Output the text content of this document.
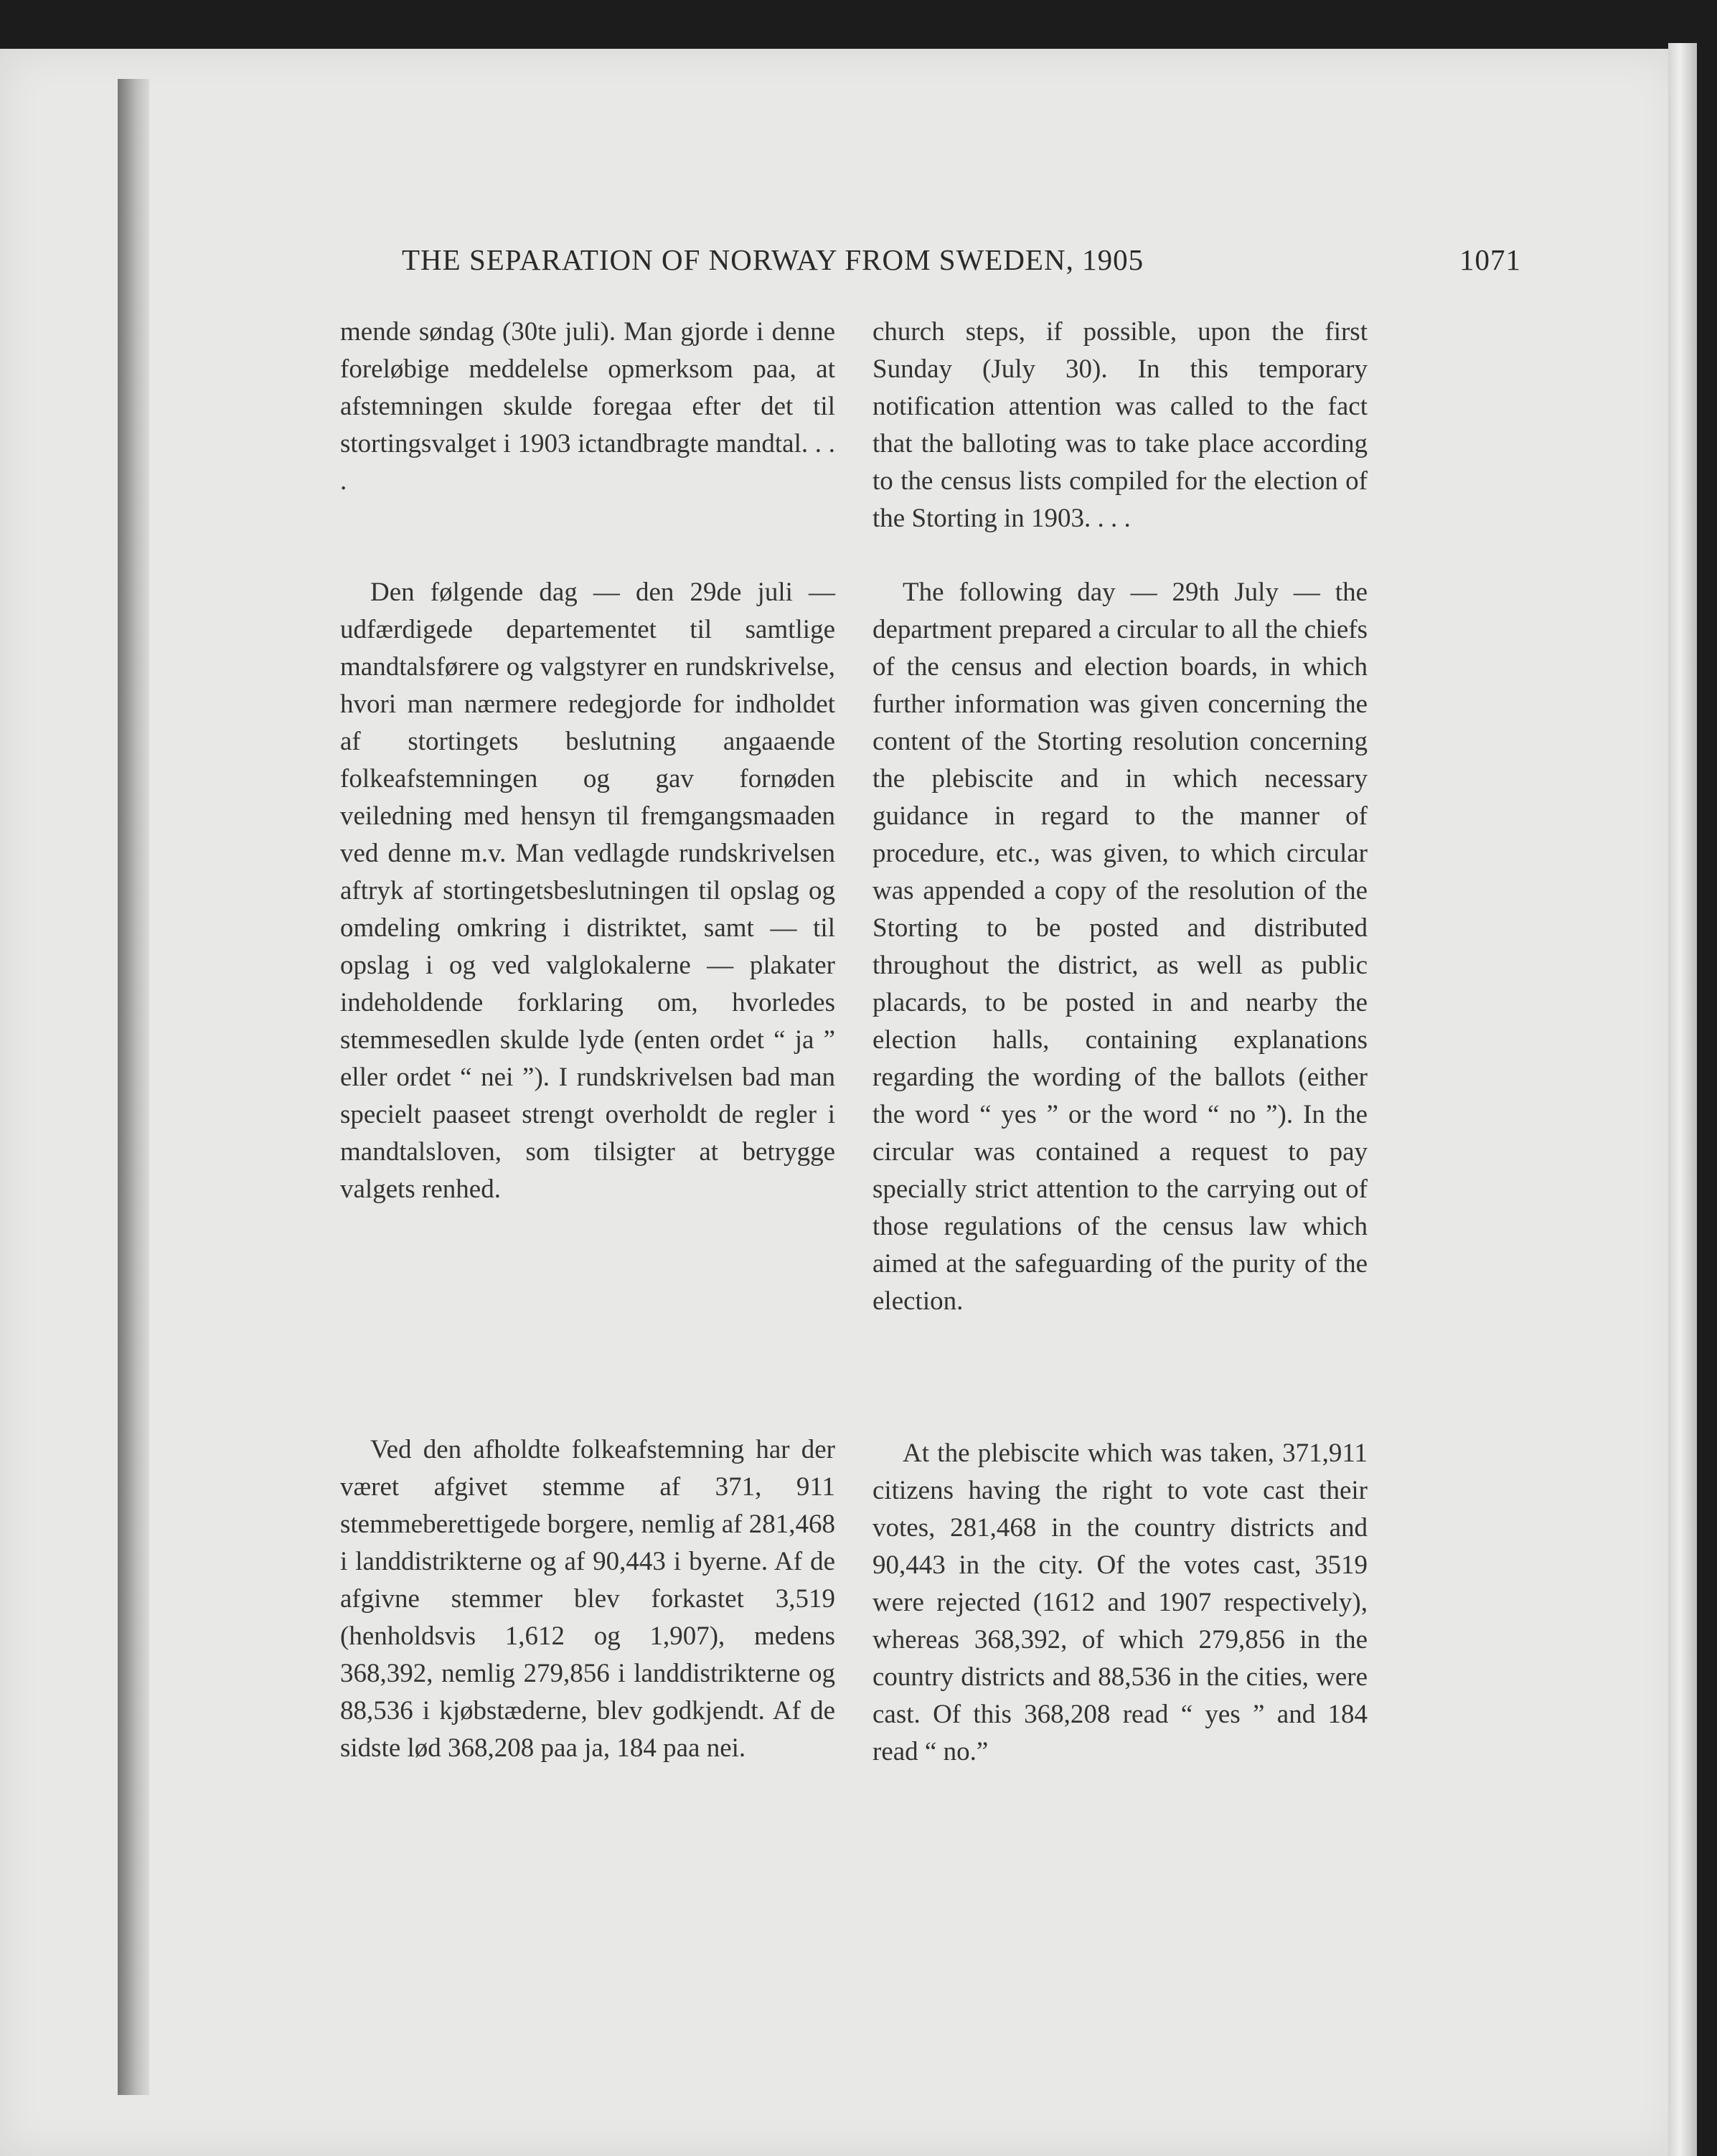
THE SEPARATION OF NORWAY FROM SWEDEN, 1905	1071

mende søndag (30te juli). Man gjorde i denne foreløbige meddelelse opmerksom paa, at afstemningen skulde foregaa efter det til stortingsvalget i 1903 ictandbragte mandtal. . . .

Den følgende dag — den 29de juli — udfærdigede departementet til samtlige mandtalsførere og valgstyrer en rundskrivelse, hvori man nærmere redegjorde for indholdet af stortingets beslutning angaaende folkeafstemningen og gav fornøden veiledning med hensyn til fremgangsmaaden ved denne m.v. Man vedlagde rundskrivelsen aftryk af stortingetsbeslutningen til opslag og omdeling omkring i distriktet, samt — til opslag i og ved valglokalerne — plakater indeholdende forklaring om, hvorledes stemmesedlen skulde lyde (enten ordet “ ja ” eller ordet “ nei ”). I rundskrivelsen bad man specielt paaseet strengt overholdt de regler i mandtalsloven, som tilsigter at betrygge valgets renhed.

Ved den afholdte folkeafstemning har der været afgivet stemme af 371, 911 stemmeberettigede borgere, nemlig af 281,468 i landdistrikterne og af 90,443 i byerne. Af de afgivne stemmer blev forkastet 3,519 (henholdsvis 1,612 og 1,907), medens 368,392, nemlig 279,856 i landdistrikterne og 88,536 i kjøbstæderne, blev godkjendt. Af de sidste lød 368,208 paa ja, 184 paa nei.

church steps, if possible, upon the first Sunday (July 30). In this temporary notification attention was called to the fact that the balloting was to take place according to the census lists compiled for the election of the Storting in 1903. . . .

The following day — 29th July — the department prepared a circular to all the chiefs of the census and election boards, in which further information was given concerning the content of the Storting resolution concerning the plebiscite and in which necessary guidance in regard to the manner of procedure, etc., was given, to which circular was appended a copy of the resolution of the Storting to be posted and distributed throughout the district, as well as public placards, to be posted in and nearby the election halls, containing explanations regarding the wording of the ballots (either the word “ yes ” or the word “ no ”). In the circular was contained a request to pay specially strict attention to the carrying out of those regulations of the census law which aimed at the safeguarding of the purity of the election.

At the plebiscite which was taken, 371,911 citizens having the right to vote cast their votes, 281,468 in the country districts and 90,443 in the city. Of the votes cast, 3519 were rejected (1612 and 1907 respectively), whereas 368,392, of which 279,856 in the country districts and 88,536 in the cities, were cast. Of this 368,208 read “ yes ” and 184 read “ no.”
